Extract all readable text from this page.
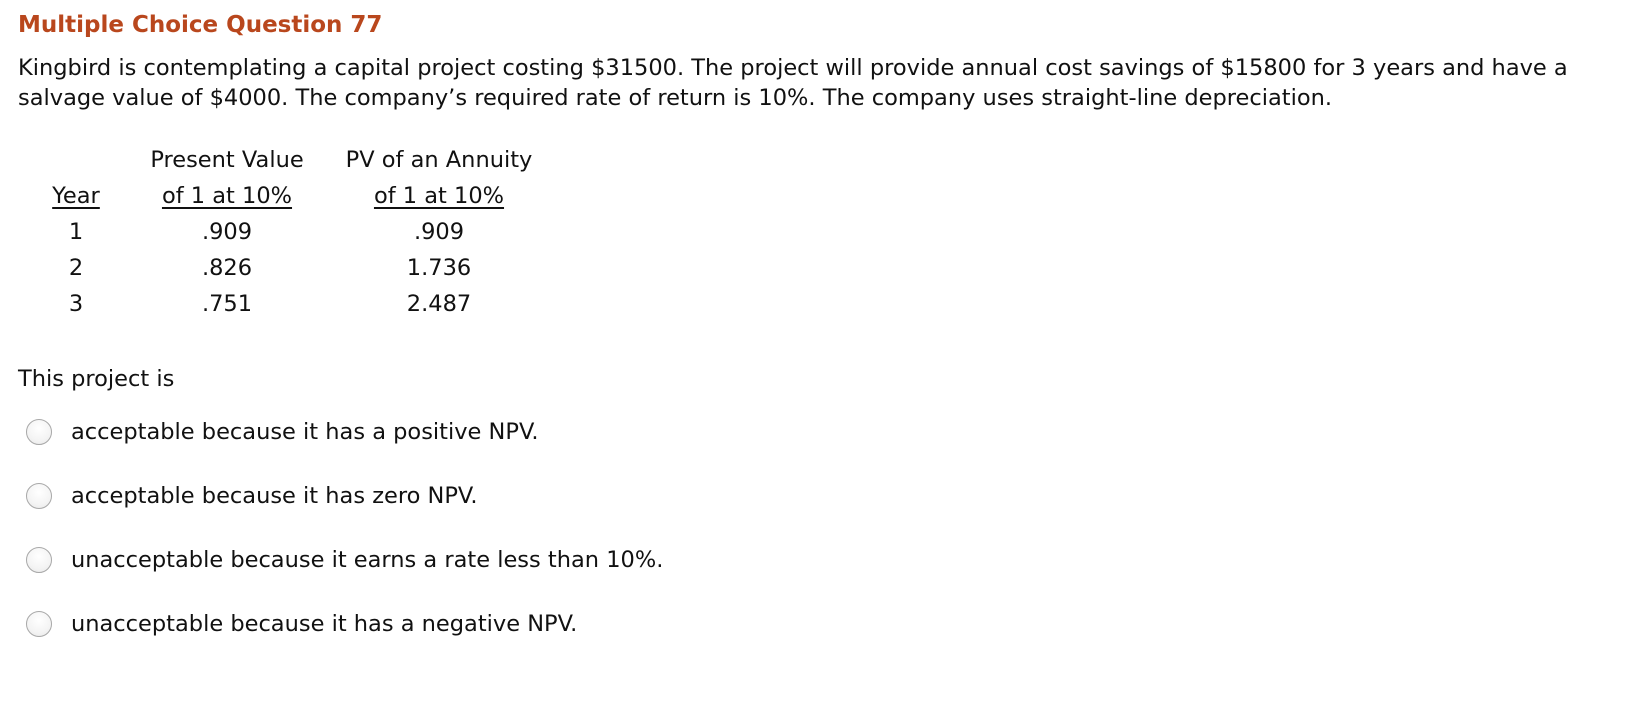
Multiple Choice Question 77

Kingbird is contemplating a capital project costing $31500. The project will provide annual cost savings of $15800 for 3 years and have a salvage value of $4000. The company’s required rate of return is 10%. The company uses straight-line depreciation.

	Present Value	PV of an Annuity
Year	of 1 at 10%	of 1 at 10%
1	.909	.909
2	.826	1.736
3	.751	2.487

This project is

acceptable because it has a positive NPV.
acceptable because it has zero NPV.
unacceptable because it earns a rate less than 10%.
unacceptable because it has a negative NPV.
